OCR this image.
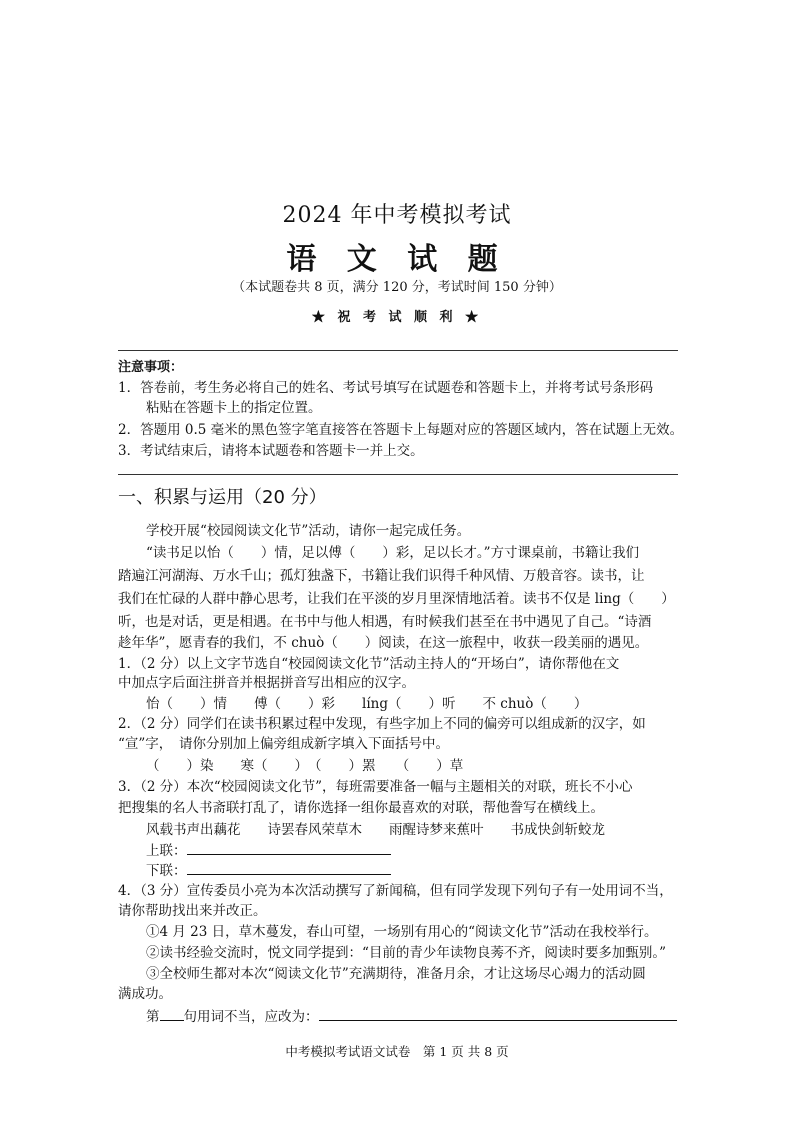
2024 年中考模拟考试
语 文 试 题
（本试题卷共 8 页，满分 120 分，考试时间 150 分钟）
★ 祝 考 试 顺 利 ★
注意事项：
1．答卷前，考生务必将自己的姓名、考试号填写在试题卷和答题卡上，并将考试号条形码
粘贴在答题卡上的指定位置。
2．答题用 0.5 毫米的黑色签字笔直接答在答题卡上每题对应的答题区域内，答在试题上无效。
3．考试结束后，请将本试题卷和答题卡一并上交。
一、积累与运用（20 分）
学校开展“校园阅读文化节”活动，请你一起完成任务。
“读书足以怡（　　）情，足以傅（　　）彩，足以长才。”方寸课桌前，书籍让我们
踏遍江河湖海、万水千山；孤灯独盏下，书籍让我们识得千种风情、万般音容。读书，让
我们在忙碌的人群中静心思考，让我们在平淡的岁月里深情地活着。读书不仅是 ling（　　）
听，也是对话，更是相遇。在书中与他人相遇，有时候我们甚至在书中遇见了自己。“诗酒
趁年华”，愿青春的我们，不 chuò（　　）阅读，在这一旅程中，收获一段美丽的遇见。
1．（2 分）以上文字节选自“校园阅读文化节”活动主持人的“开场白”，请你帮他在文
中加点字后面注拼音并根据拼音写出相应的汉字。
怡（　　）情　　傅（　　）彩　　líng（　　）听　　不 chuò（　　）
2．（2 分）同学们在读书积累过程中发现，有些字加上不同的偏旁可以组成新的汉字，如
“宣”字，　请你分别加上偏旁组成新字填入下面括号中。
（　　）染　　寒（　　）　（　　）罴　　（　　）草
3．（2 分）本次“校园阅读文化节”，每班需要准备一幅与主题相关的对联，班长不小心
把搜集的名人书斋联打乱了，请你选择一组你最喜欢的对联，帮他誊写在横线上。
风载书声出藕花　　诗罢春风荣草木　　雨醒诗梦来蕉叶　　书成快剑斩蛟龙
上联：
下联：
4．（3 分）宣传委员小亮为本次活动撰写了新闻稿，但有同学发现下列句子有一处用词不当，
请你帮助找出来并改正。
①4 月 23 日，草木蔓发，春山可望，一场别有用心的“阅读文化节”活动在我校举行。
②读书经验交流时，悦文同学提到：“目前的青少年读物良莠不齐，阅读时要多加甄别。”
③全校师生都对本次“阅读文化节”充满期待，准备月余，才让这场尽心竭力的活动圆
满成功。
第 句用词不当，应改为：
中考模拟考试语文试卷　第 1 页 共 8 页
